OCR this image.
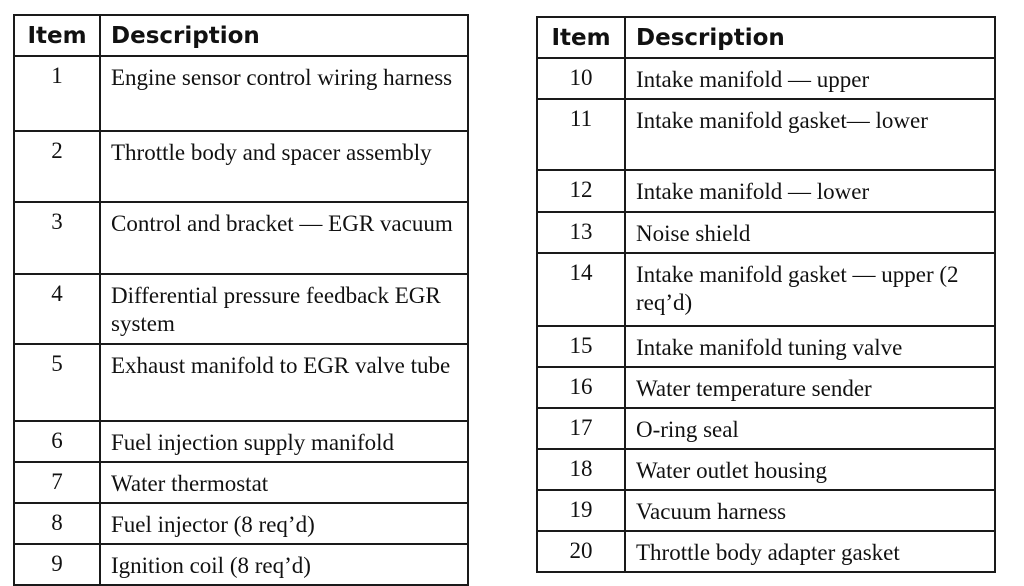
Item	Description
1	Engine sensor control wiring harness
2	Throttle body and spacer assembly
3	Control and bracket — EGR vacuum
4	Differential pressure feedback EGR system
5	Exhaust manifold to EGR valve tube
6	Fuel injection supply manifold
7	Water thermostat
8	Fuel injector (8 req’d)
9	Ignition coil (8 req’d)
Item	Description
10	Intake manifold — upper
11	Intake manifold gasket— lower
12	Intake manifold — lower
13	Noise shield
14	Intake manifold gasket — upper (2 req’d)
15	Intake manifold tuning valve
16	Water temperature sender
17	O-ring seal
18	Water outlet housing
19	Vacuum harness
20	Throttle body adapter gasket
